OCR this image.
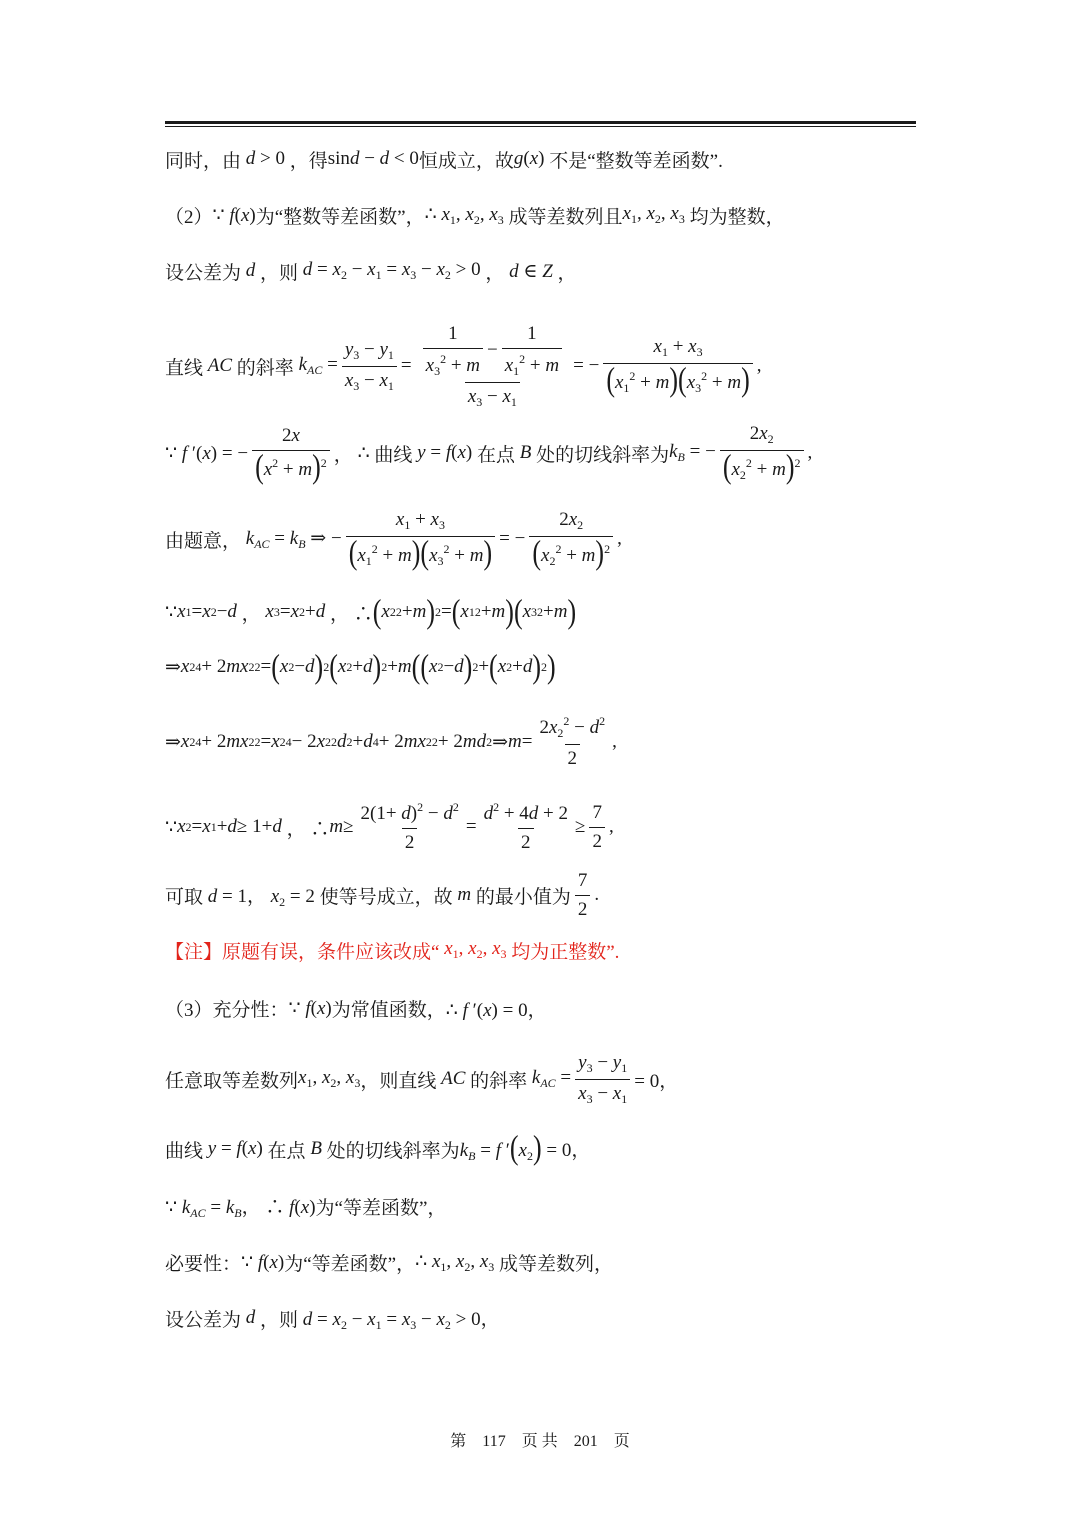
同时，由 d > 0 ，得 sind − d < 0 恒成立，故 g(x) 不是“整数等差函数”.
（2） ∵ f(x) 为“整数等差函数”， ∴ $x_1$, $x_2$, $x_3$ 成等差数列且 $x_1$, $x_2$, $x_3$ 均为整数，
设公差为 d ，则 $d = x_2 - x_1 = x_3 - x_2 > 0$ ， d ∈ Z ，
直线 AC 的斜率 $k_{AC} = \frac{y_3 - y_1}{x_3 - x_1} = \frac{\frac{1}{x_3^2 + m} - \frac{1}{x_1^2 + m}}{x_3 - x_1}$ = − $\frac{x_1 + x_3}{(x_1^2 + m)(x_3^2 + m)}$ ,
∵ f ′(x) = − $\frac{2x}{(x^2 + m)^2}$ ， ∴ 曲线 y = f(x) 在点 B 处的切线斜率为 $k_B$ = − $\frac{2x_2}{(x_2^2 + m)^2}$ ,
由题意， $k_{AC} = k_B$ ⇒ − $\frac{x_1 + x_3}{(x_1^2 + m)(x_3^2 + m)}$ = − $\frac{2x_2}{(x_2^2 + m)^2}$ ,
∵ x 1 = x 2 − d ， x 3 = x 2 + d ， ∴ ( x 2 2 + m ) 2 = ( x 1 2 + m ) ( x 3 2 + m )
⇒ x 2 4 + 2 mx 2 2 = ( x 2 − d ) 2 ( x 2 + d ) 2 + m ( ( x 2 − d ) 2 + ( x 2 + d ) 2 )
⇒ x 2 4 + 2 mx 2 2 = x 2 4 − 2 x 2 2 d 2 + d 4 + 2 mx 2 2 + 2 md 2 ⇒ $m = \frac{2x_2^2 - d^2}{2}$ ,
∵ x 2 = x 1 + d ≥ 1+ d ， ∴ $m \ge \frac{2(1+ d)^2 - d^2}{2} = \frac{d^2 + 4d + 2}{2} \ge \frac{7}{2}$ ,
可取 d = 1， $x_2 = 2$ 使等号成立，故 m 的最小值为 $\frac{7}{2}$ .
【注】原题有误，条件应该改成“ $x_1$, $x_2$, $x_3$ 均为正整数”.
（3）充分性： ∵ f(x) 为常值函数， ∴ f ′(x) = 0，
任意取等差数列 $x_1$, $x_2$, $x_3$ ，则直线 AC 的斜率 $k_{AC} = \frac{y_3 - y_1}{x_3 - x_1} = 0$，
曲线 y = f(x) 在点 B 处的切线斜率为 $k_B = f$ $'(x_2) = 0$，
∵ $k_{AC} = k_B$， ∴ f(x) 为“等差函数”，
必要性： ∵ f(x) 为“等差函数”， ∴ $x_1$, $x_2$, $x_3$ 成等差数列，
设公差为 d ，则 $d = x_2 - x_1 = x_3 - x_2 > 0$，
第 117 页 共 201 页
